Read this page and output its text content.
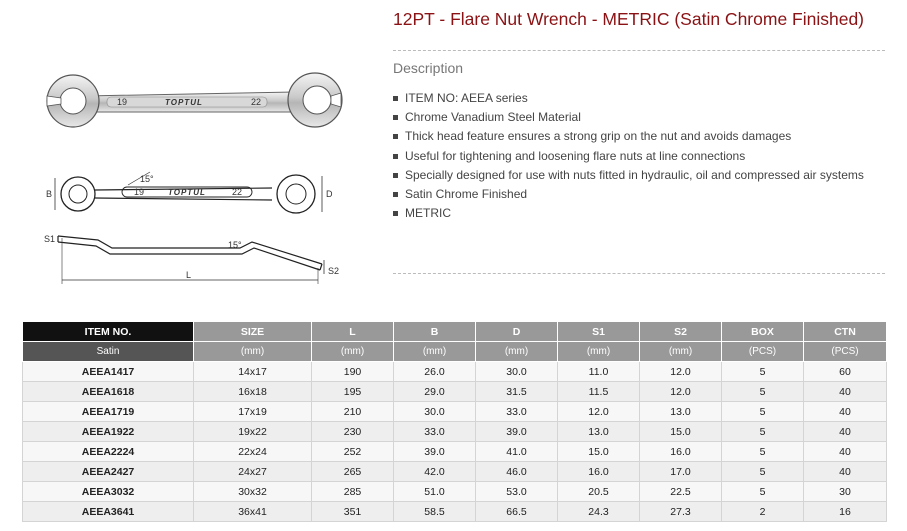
19	TOPTUL	22
B	19	TOPTUL	22	D
15°
S1
15°
S2
L
12PT - Flare Nut Wrench - METRIC (Satin Chrome Finished)
Description
ITEM NO: AEEA series
Chrome Vanadium Steel Material
Thick head feature ensures a strong grip on the nut and avoids damages
Useful for tightening and loosening flare nuts at line connections
Specially designed for use with nuts fitted in hydraulic, oil and compressed air systems
Satin Chrome Finished
METRIC
ITEM NO.	SIZE	L	B	D	S1	S2	BOX	CTN
Satin	(mm)	(mm)	(mm)	(mm)	(mm)	(mm)	(PCS)	(PCS)
AEEA1417	14x17	190	26.0	30.0	11.0	12.0	5	60
AEEA1618	16x18	195	29.0	31.5	11.5	12.0	5	40
AEEA1719	17x19	210	30.0	33.0	12.0	13.0	5	40
AEEA1922	19x22	230	33.0	39.0	13.0	15.0	5	40
AEEA2224	22x24	252	39.0	41.0	15.0	16.0	5	40
AEEA2427	24x27	265	42.0	46.0	16.0	17.0	5	40
AEEA3032	30x32	285	51.0	53.0	20.5	22.5	5	30
AEEA3641	36x41	351	58.5	66.5	24.3	27.3	2	16
